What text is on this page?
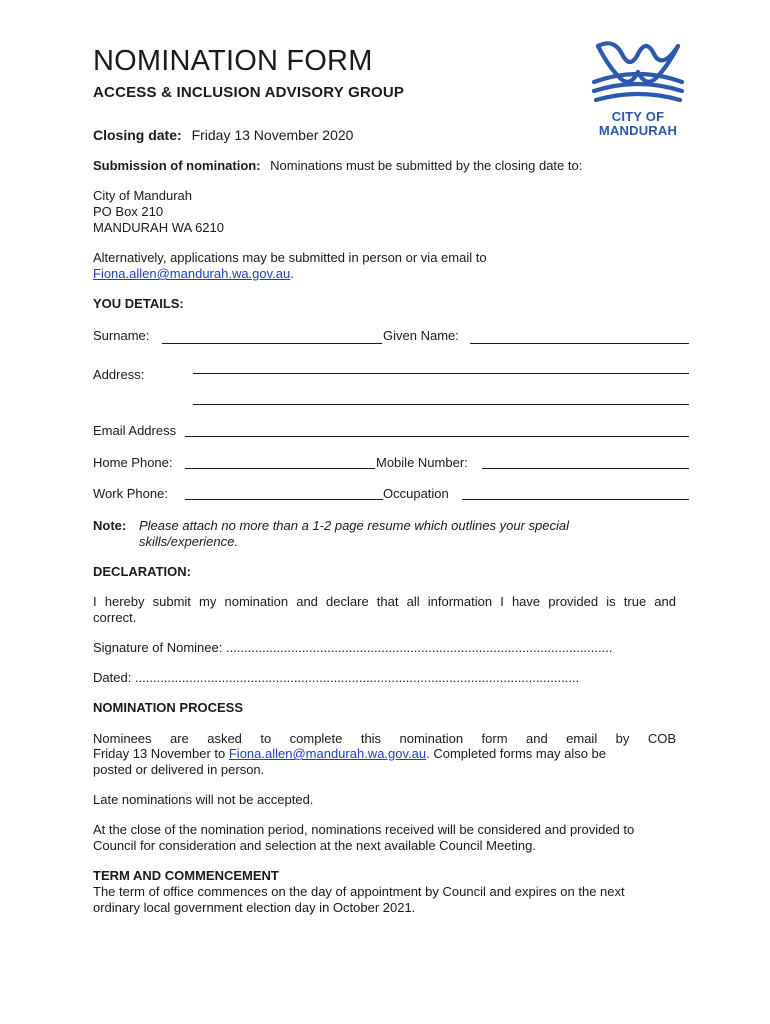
NOMINATION FORM
ACCESS & INCLUSION ADVISORY GROUP
CITY OF
MANDURAH
Closing date: Friday 13 November 2020
Submission of nomination: Nominations must be submitted by the closing date to:
City of Mandurah
PO Box 210
MANDURAH WA 6210
Alternatively, applications may be submitted in person or via email to
Fiona.allen@mandurah.wa.gov.au.
YOU DETAILS:
Surname:	Given Name:
Address:
Email Address
Home Phone:	Mobile Number:
Work Phone:	Occupation
Note: Please attach no more than a 1-2 page resume which outlines your special
skills/experience.
DECLARATION:
I hereby submit my nomination and declare that all information I have provided is true and
correct.
Signature of Nominee: ...........................................................................................................
Dated: ...........................................................................................................................
NOMINATION PROCESS
Nominees are asked to complete this nomination form and email by COB
Friday 13 November to Fiona.allen@mandurah.wa.gov.au. Completed forms may also be
posted or delivered in person.
Late nominations will not be accepted.
At the close of the nomination period, nominations received will be considered and provided to
Council for consideration and selection at the next available Council Meeting.
TERM AND COMMENCEMENT
The term of office commences on the day of appointment by Council and expires on the next
ordinary local government election day in October 2021.
